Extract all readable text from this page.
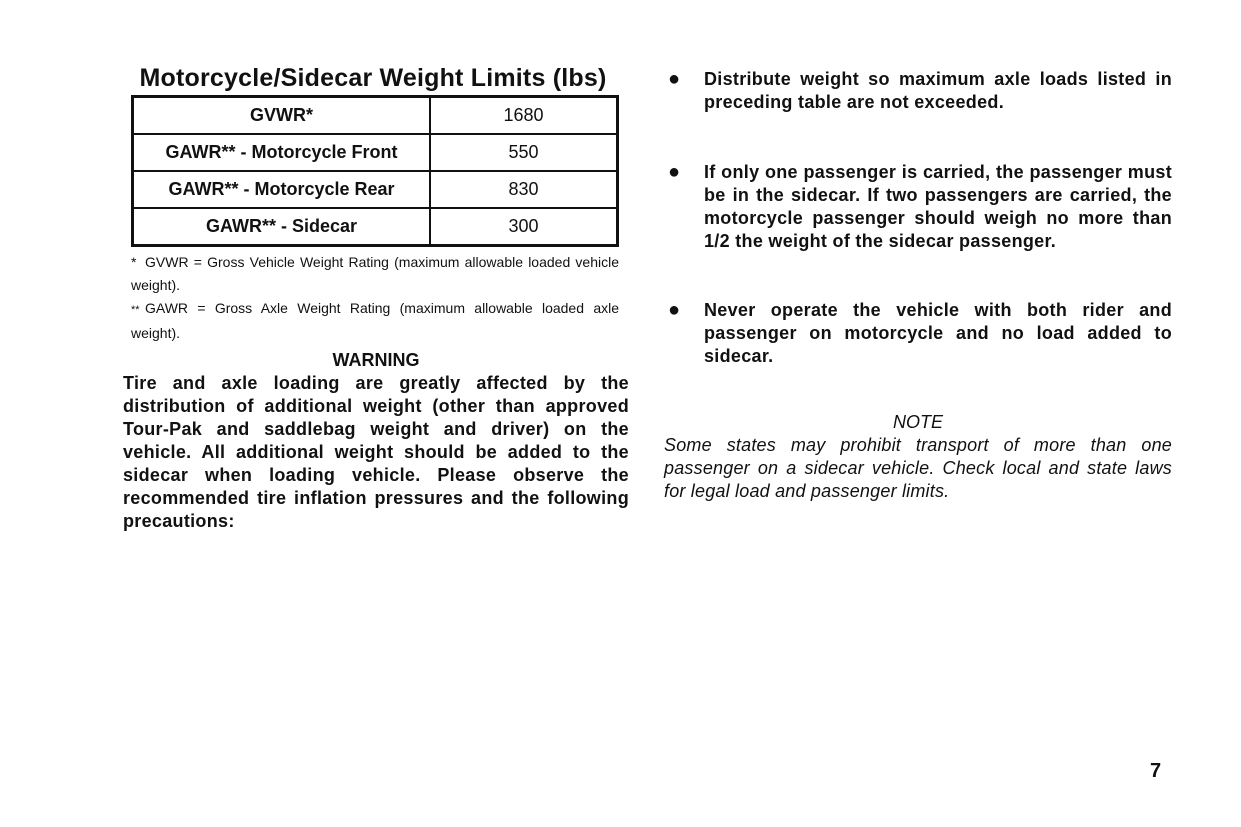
Motorcycle/Sidecar Weight Limits (lbs)
GVWR*	1680
GAWR** - Motorcycle Front	550
GAWR** - Motorcycle Rear	830
GAWR** - Sidecar	300
* GVWR = Gross Vehicle Weight Rating (maximum allowable loaded vehicle weight).
** GAWR = Gross Axle Weight Rating (maximum allowable loaded axle weight).
WARNING
Tire and axle loading are greatly affected by the distribution of additional weight (other than approved Tour-Pak and saddlebag weight and driver) on the vehicle. All additional weight should be added to the sidecar when loading vehicle. Please observe the recommended tire inflation pressures and the following precautions:
● Distribute weight so maximum axle loads listed in preceding table are not exceeded.
● If only one passenger is carried, the passenger must be in the sidecar. If two passengers are carried, the motorcycle passenger should weigh no more than 1/2 the weight of the sidecar passenger.
● Never operate the vehicle with both rider and passenger on motorcycle and no load added to sidecar.
NOTE
Some states may prohibit transport of more than one passenger on a sidecar vehicle. Check local and state laws for legal load and passenger limits.
7
